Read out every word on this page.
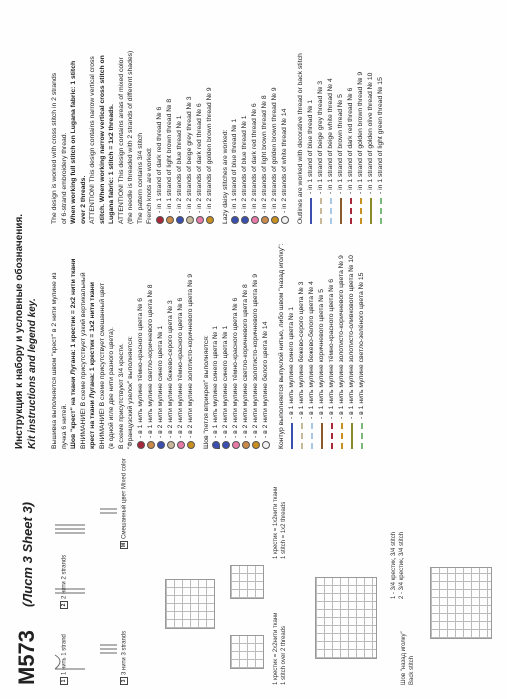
M573
(Лист 3 Sheet 3)
Инструкция к набору и условные обозначения. Kit instructions and legend key.
11 нить 1 strand
22 нити 2 strands
33 нити 3 strands
MСмешанный цвет Mixed color
1 крестик = 2x2нити ткани 1 stitch over 2 threads
1 крестик = 1x2нити ткани 1 stitch = 1x2 threads
Шов "назад иголку" Back stitch
1 - 3/4 крестик, 3/4 stitch 2 - 3/4 крестик, 3/4 stitch

Вышивка выполняется швом "крест" в 2 нити мулине из пучка 6 нитей. Шов "крест" на ткани Лугана: 1 крестик = 2x2 нити ткани ВНИМАНИЕ! В схеме присутствует узкий вертикальный крест на ткани Лугана: 1 крестик = 1x2 нити ткани ВНИМАНИЕ! В схеме присутствует смешанный цвет (в одной игле две нити разного цвета). В схеме присутствуют 3/4 крести. "Французский узелок" выполняется: - в 1 нить мулине тёмно-красного цвета № 6 - в 1 нить мулине светло-коричневого цвета № 8 - в 2 нити мулине синего цвета № 1 - в 2 нити мулине бежево-серого цвета № 3 - в 2 нити мулине тёмно-красного цвета № 6 - в 2 нити мулине золотисто-коричневого цвета № 9 Шов "петля вприкреп" выполняется: - в 1 нить мулине синего цвета № 1 - в 2 нити мулине синего цвета № 1 - в 2 нити мулине тёмно-красного цвета № 6 - в 2 нити мулине светло-коричневого цвета № 8 - в 2 нити мулине золотисто-коричневого цвета № 9 - в 2 нити мулине белого цвета № 14 Контур выполняется выпуклой нитью, либо швом "назад иголку": - в 1 нить мулине синего цвета № 1 - в 1 нить мулине бежево-серого цвета № 3 - в 1 нить мулине бежево-белого цвета № 4 - в 1 нить мулине коричневого цвета № 5 - в 1 нить мулине тёмно-красного цвета № 6 - в 1 нить мулине золотисто-коричневого цвета № 9 - в 1 нить мулине золотисто-оливкового цвета № 10 - в 1 нить мулине светло-зелёного цвета № 15

The design is worked with cross stitch in 2 strands of 6-strand embroidery thread. When working full stitch on Lugana fabric: 1 stitch over 2 threads. ATTENTION! This design contains narrow vertical cross stitch. When working narrow vertical cross stitch on Lugana fabric: 1 stitch = 1x2 threads. ATTENTION! This design contains areas of mixed color (the needle is threaded with 2 strands of different shades) The pattern contains 3/4 stitch French knots are worked: - in 1 strand of dark red thread № 6 - in 1 strand of light brown thread № 8 - in 2 strands of blue thread № 1 - in 2 strands of beige grey thread № 3 - in 2 strands of dark red thread № 6 - in 2 strands of golden brown thread № 9 Lazy daisy stitches are worked: - in 1 strand of blue thread № 1 - in 2 strands of blue thread № 1 - in 2 strands of dark red thread № 6 - in 2 strands of light brown thread № 8 - in 2 strands of golden brown thread № 9 - in 2 strands of white thread № 14 Outlines are worked with decorative thread or back stitch - in 1 strand of blue thread № 1 - in 1 strand of beige grey thread № 3 - in 1 strand of beige white thread № 4 - in 1 strand of brown thread № 5 - in 1 strand of dark red thread № 6 - in 1 strand of golden brown thread № 9 - in 1 strand of golden olive thread № 10 - in 1 strand of light green thread № 15
